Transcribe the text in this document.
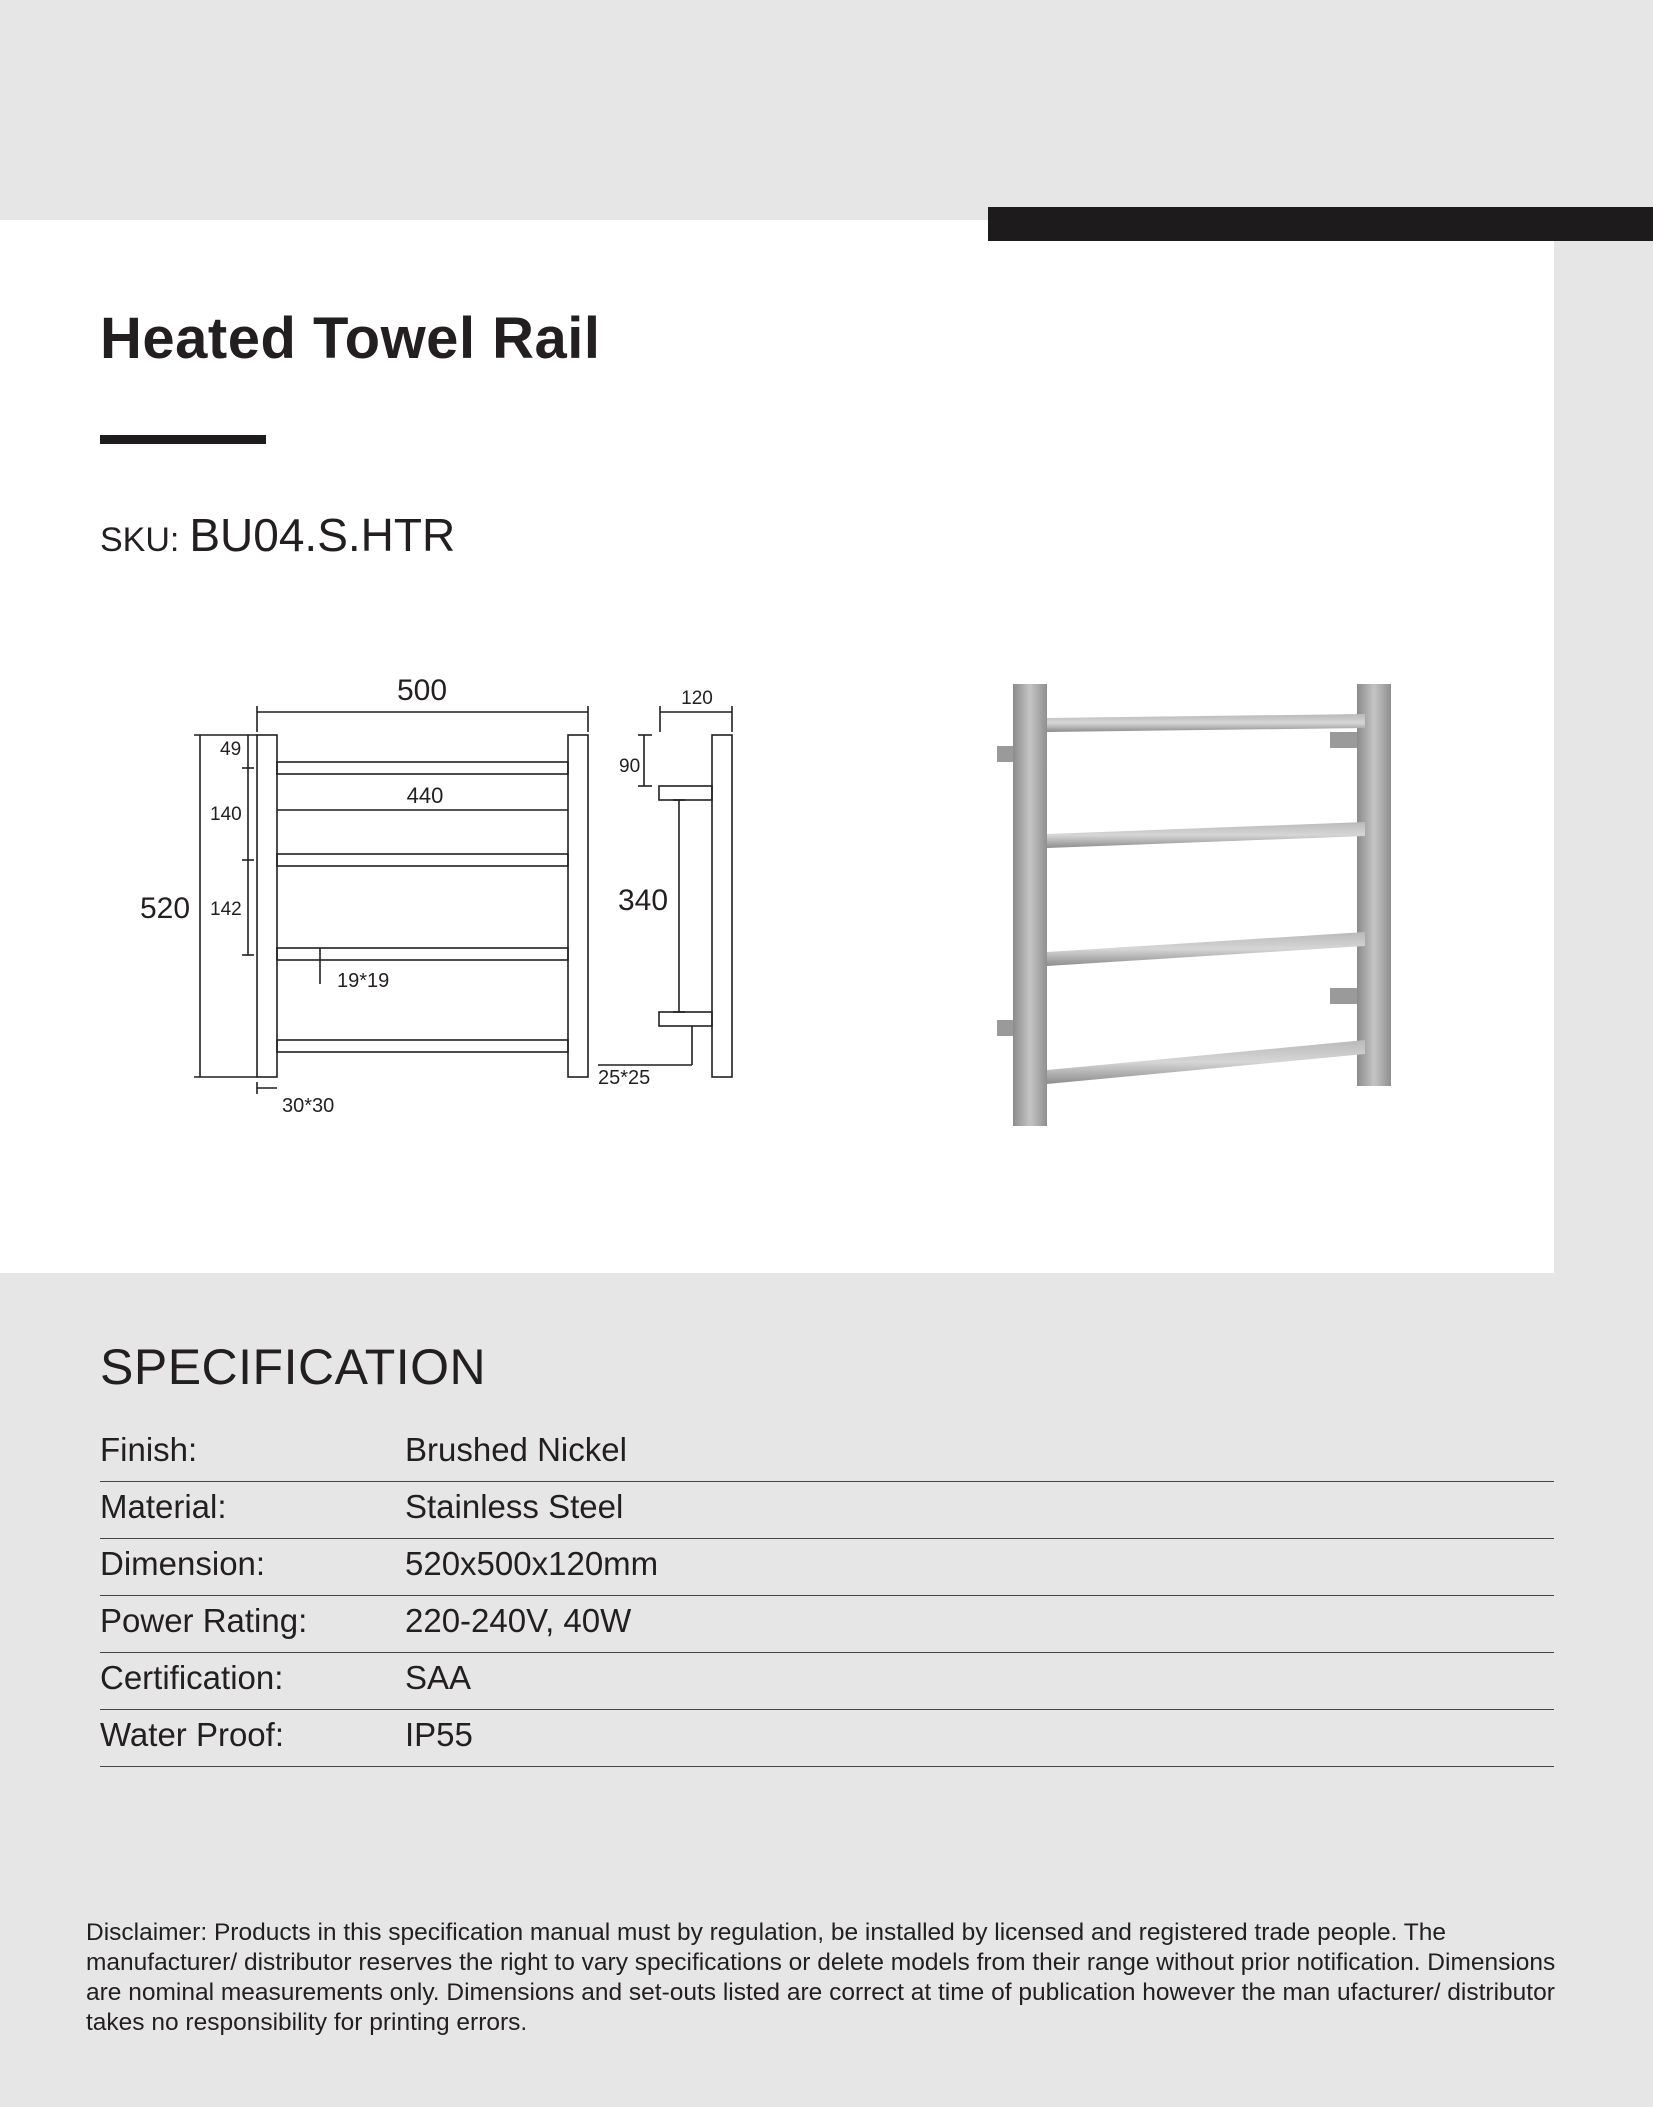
Heated Towel Rail
SKU: BU04.S.HTR
500
440
520
49
140
142
19*19
30*30
120
90
340
25*25
SPECIFICATION
Finish:	Brushed Nickel
Material:	Stainless Steel
Dimension:	520x500x120mm
Power Rating:	220-240V, 40W
Certification:	SAA
Water Proof:	IP55
Disclaimer: Products in this specification manual must by regulation, be installed by licensed and registered trade people. The manufacturer/ distributor reserves the right to vary specifications or delete models from their range without prior notification. Dimensions are nominal measurements only. Dimensions and set-outs listed are correct at time of publication however the man ufacturer/ distributor takes no responsibility for printing errors.
